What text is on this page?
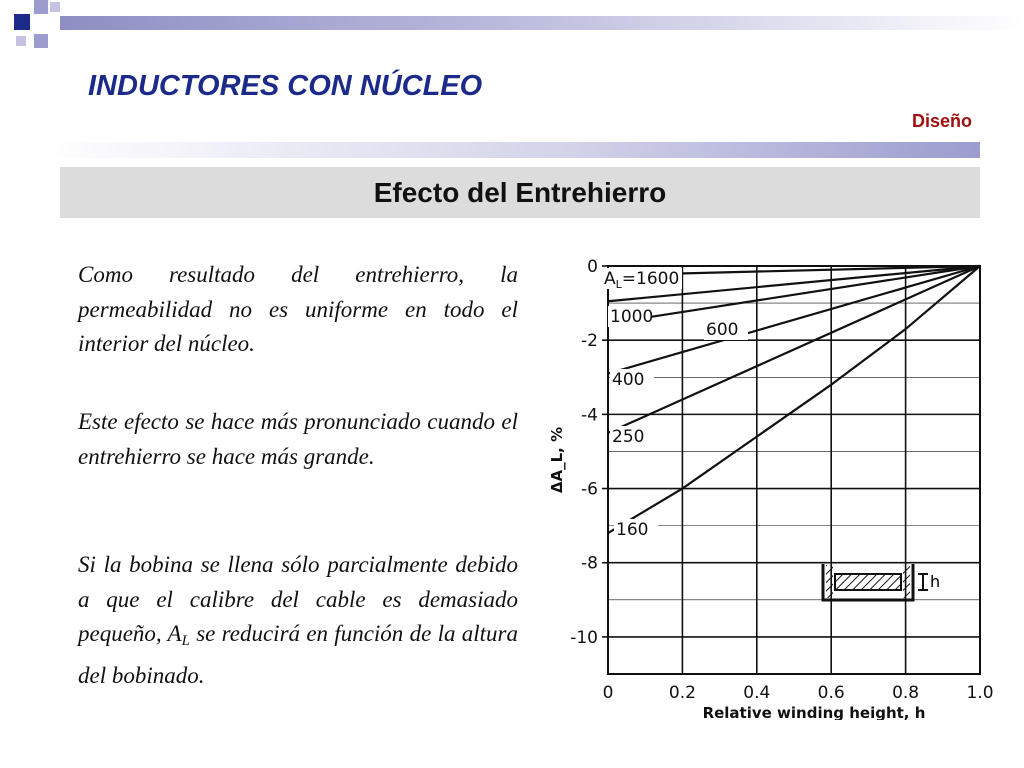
INDUCTORES CON NÚCLEO
Diseño
Efecto del Entrehierro

Como resultado del entrehierro, la permeabilidad no es uniforme en todo el interior del núcleo.

Este efecto se hace más pronunciado cuando el entrehierro se hace más grande.

Si la bobina se llena sólo parcialmente debido a que el calibre del cable es demasiado pequeño, $A_L$ se reducirá en función de la altura del bobinado.

0	0.2	0.4	0.6	0.8	1.0
0
-2
-4
-6
-8
-10
Relative winding height, h
ΔA_L, %
$A_L=1600$
1000
600
400
250
160
h
